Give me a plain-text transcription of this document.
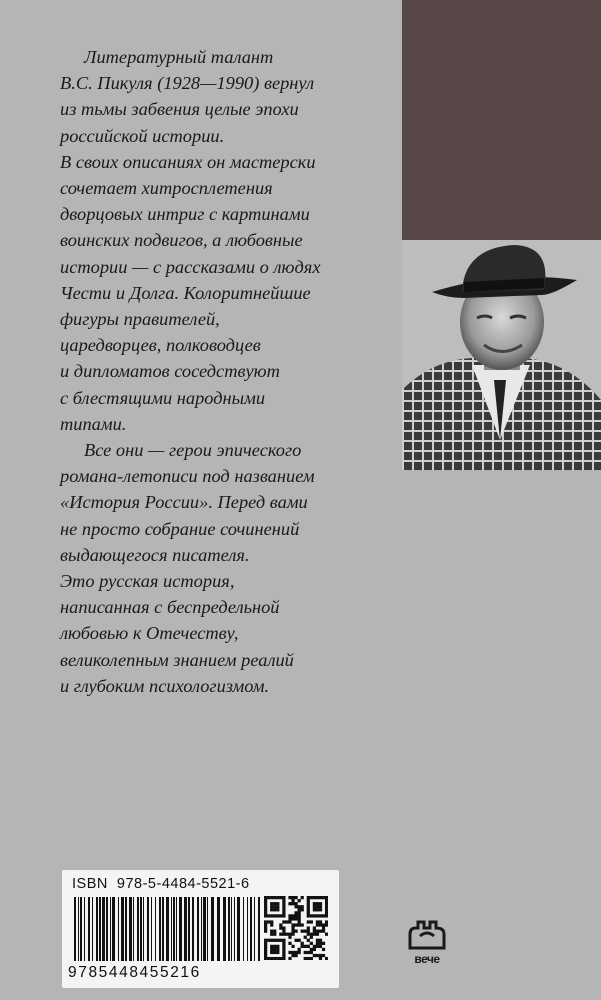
Литературный талант
В.С. Пикуля (1928—1990) вернул
из тьмы забвения целые эпохи
российской истории.

В своих описаниях он мастерски
сочетает хитросплетения
дворцовых интриг с картинами
воинских подвигов, а любовные
истории — с рассказами о людях
Чести и Долга. Колоритнейшие
фигуры правителей,
царедворцев, полководцев
и дипломатов соседствуют
с блестящими народными
типами.

Все они — герои эпического
романа-летописи под названием
«История России». Перед вами
не просто собрание сочинений
выдающегося писателя.

Это русская история,
написанная с беспредельной
любовью к Отечеству,
великолепным знанием реалий
и глубоким психологизмом.

ISBN  978-5-4484-5521-6
9785448455216
вече
